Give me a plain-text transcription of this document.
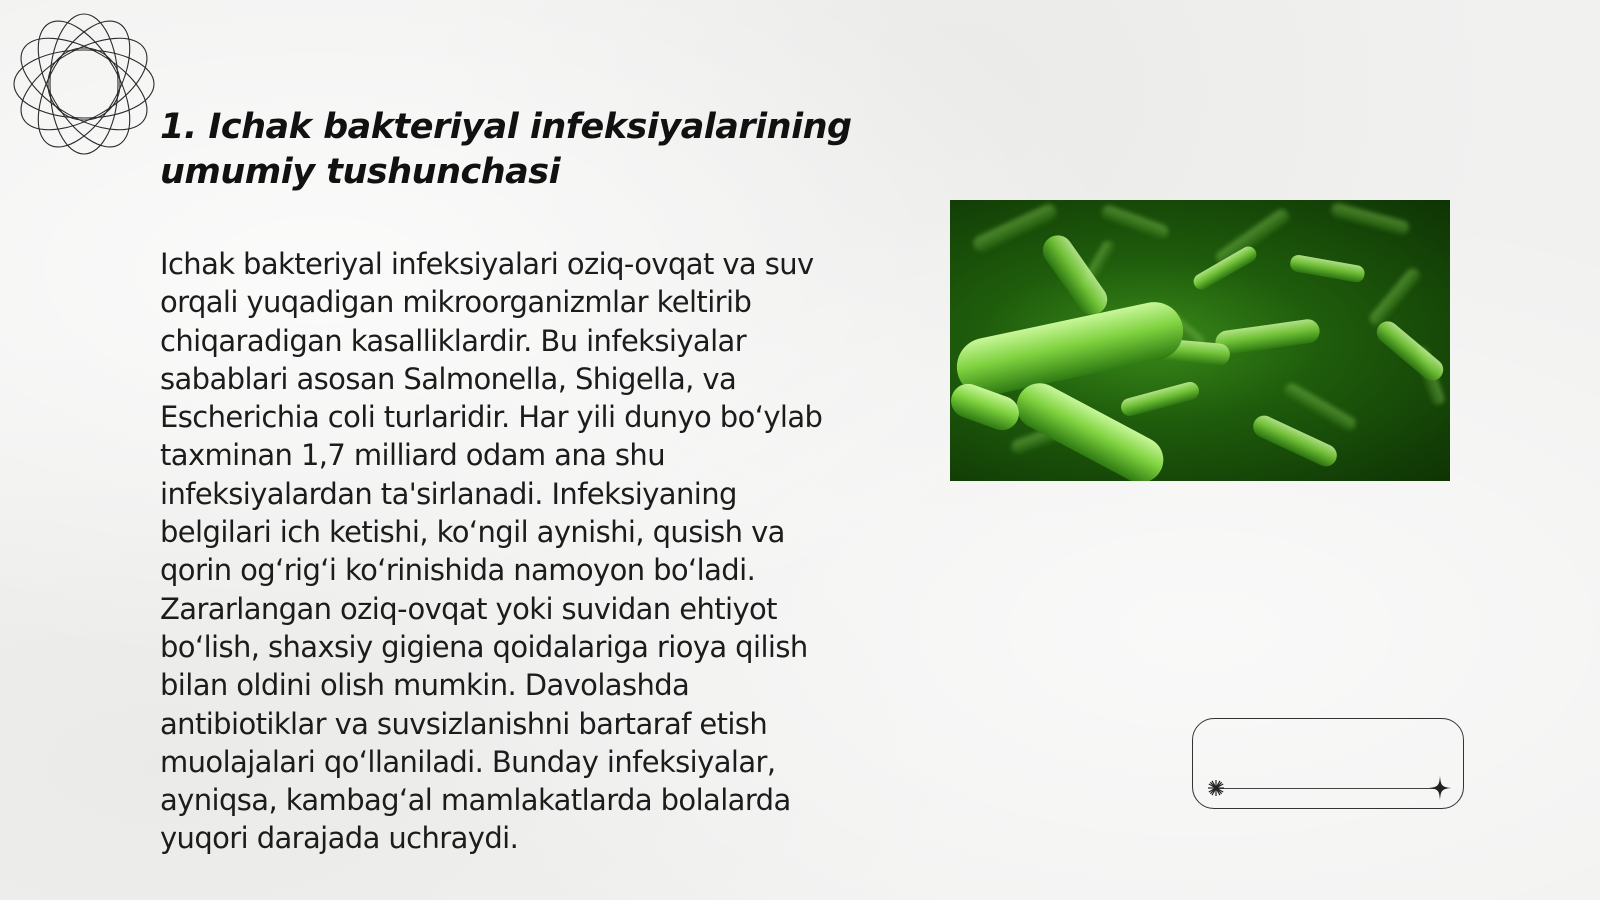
1. Ichak bakteriyal infeksiyalarining umumiy tushunchasi

Ichak bakteriyal infeksiyalari oziq-ovqat va suv orqali yuqadigan mikroorganizmlar keltirib chiqaradigan kasalliklardir. Bu infeksiyalar sabablari asosan Salmonella, Shigella, va Escherichia coli turlaridir. Har yili dunyo bo‘ylab taxminan 1,7 milliard odam ana shu infeksiyalardan ta'sirlanadi. Infeksiyaning belgilari ich ketishi, ko‘ngil aynishi, qusish va qorin og‘rig‘i ko‘rinishida namoyon bo‘ladi. Zararlangan oziq-ovqat yoki suvidan ehtiyot bo‘lish, shaxsiy gigiena qoidalariga rioya qilish bilan oldini olish mumkin. Davolashda antibiotiklar va suvsizlanishni bartaraf etish muolajalari qo‘llaniladi. Bunday infeksiyalar, ayniqsa, kambag‘al mamlakatlarda bolalarda yuqori darajada uchraydi.
